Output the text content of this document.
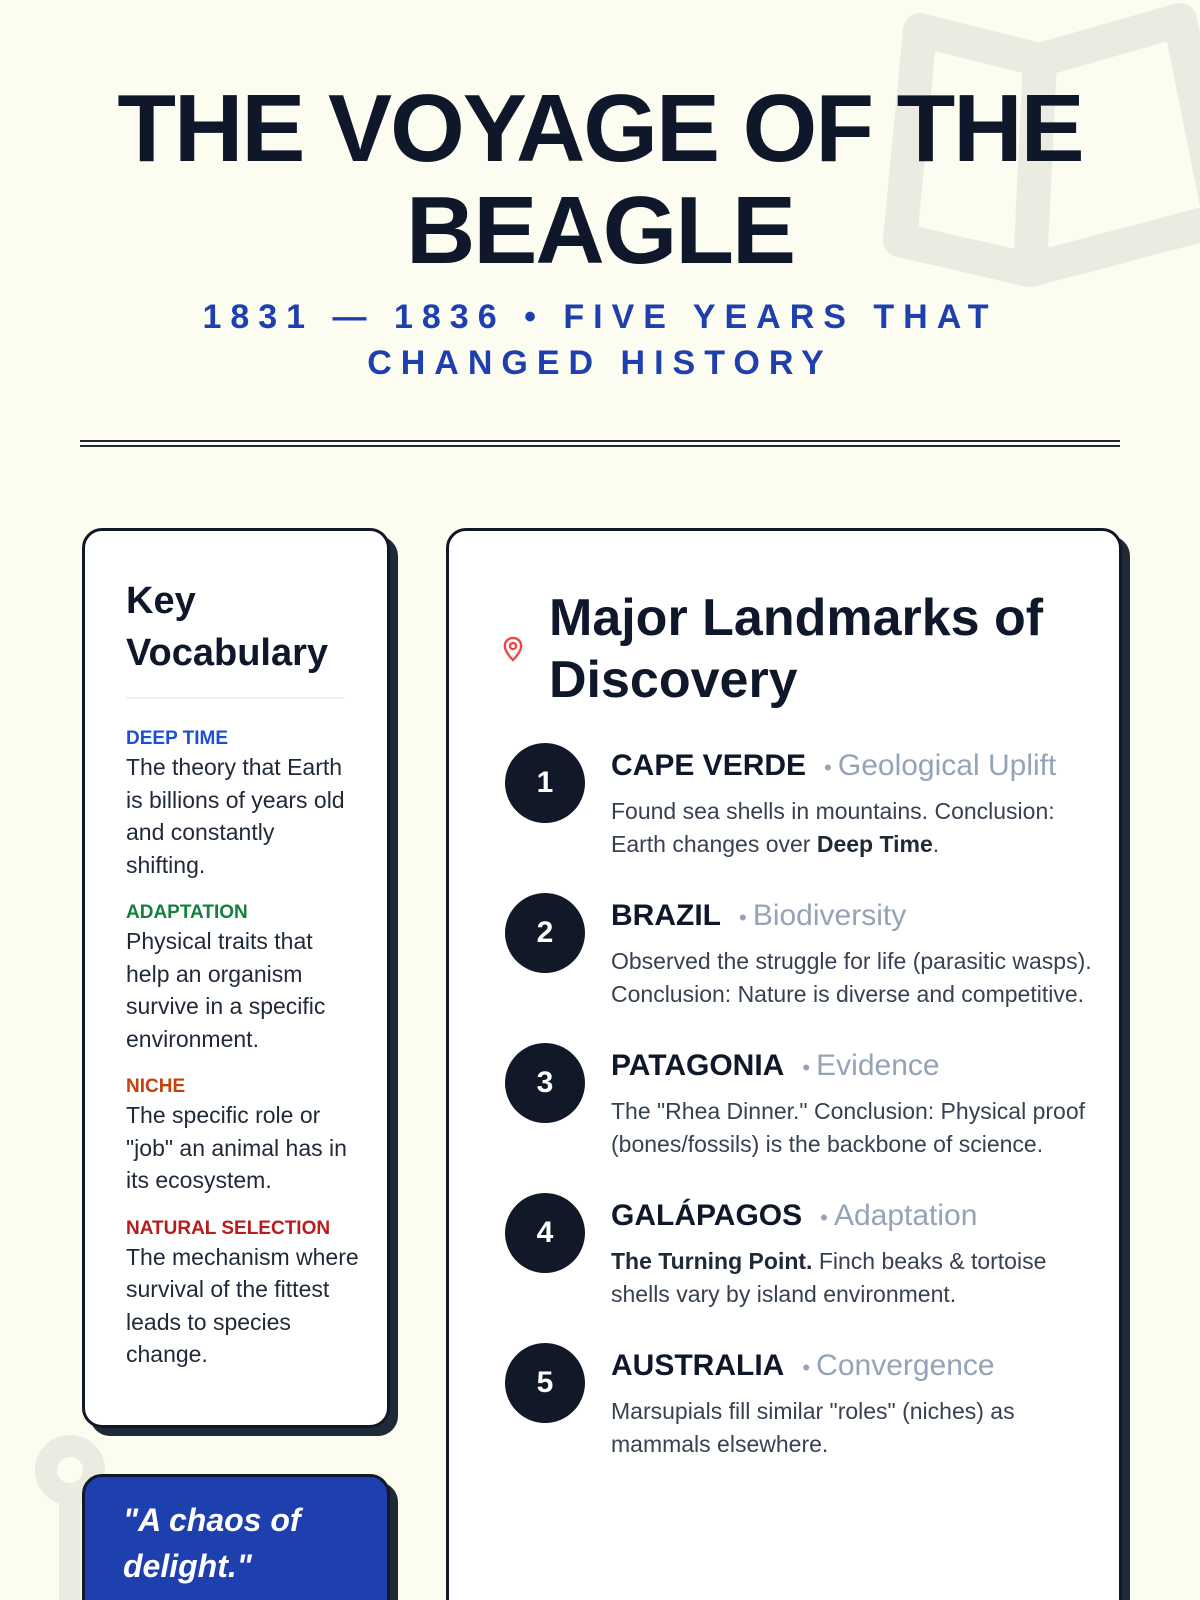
THE VOYAGE OF THE BEAGLE
1831 — 1836 • FIVE YEARS THAT CHANGED HISTORY
Key Vocabulary
DEEP TIME
The theory that Earth is billions of years old and constantly shifting.
ADAPTATION
Physical traits that help an organism survive in a specific environment.
NICHE
The specific role or "job" an animal has in its ecosystem.
NATURAL SELECTION
The mechanism where survival of the fittest leads to species change.
"A chaos of delight."
Major Landmarks of Discovery
1
CAPE VERDE • Geological Uplift
Found sea shells in mountains. Conclusion: Earth changes over Deep Time.
2
BRAZIL • Biodiversity
Observed the struggle for life (parasitic wasps). Conclusion: Nature is diverse and competitive.
3
PATAGONIA • Evidence
The "Rhea Dinner." Conclusion: Physical proof (bones/fossils) is the backbone of science.
4
GALÁPAGOS • Adaptation
The Turning Point. Finch beaks & tortoise shells vary by island environment.
5
AUSTRALIA • Convergence
Marsupials fill similar "roles" (niches) as mammals elsewhere.
